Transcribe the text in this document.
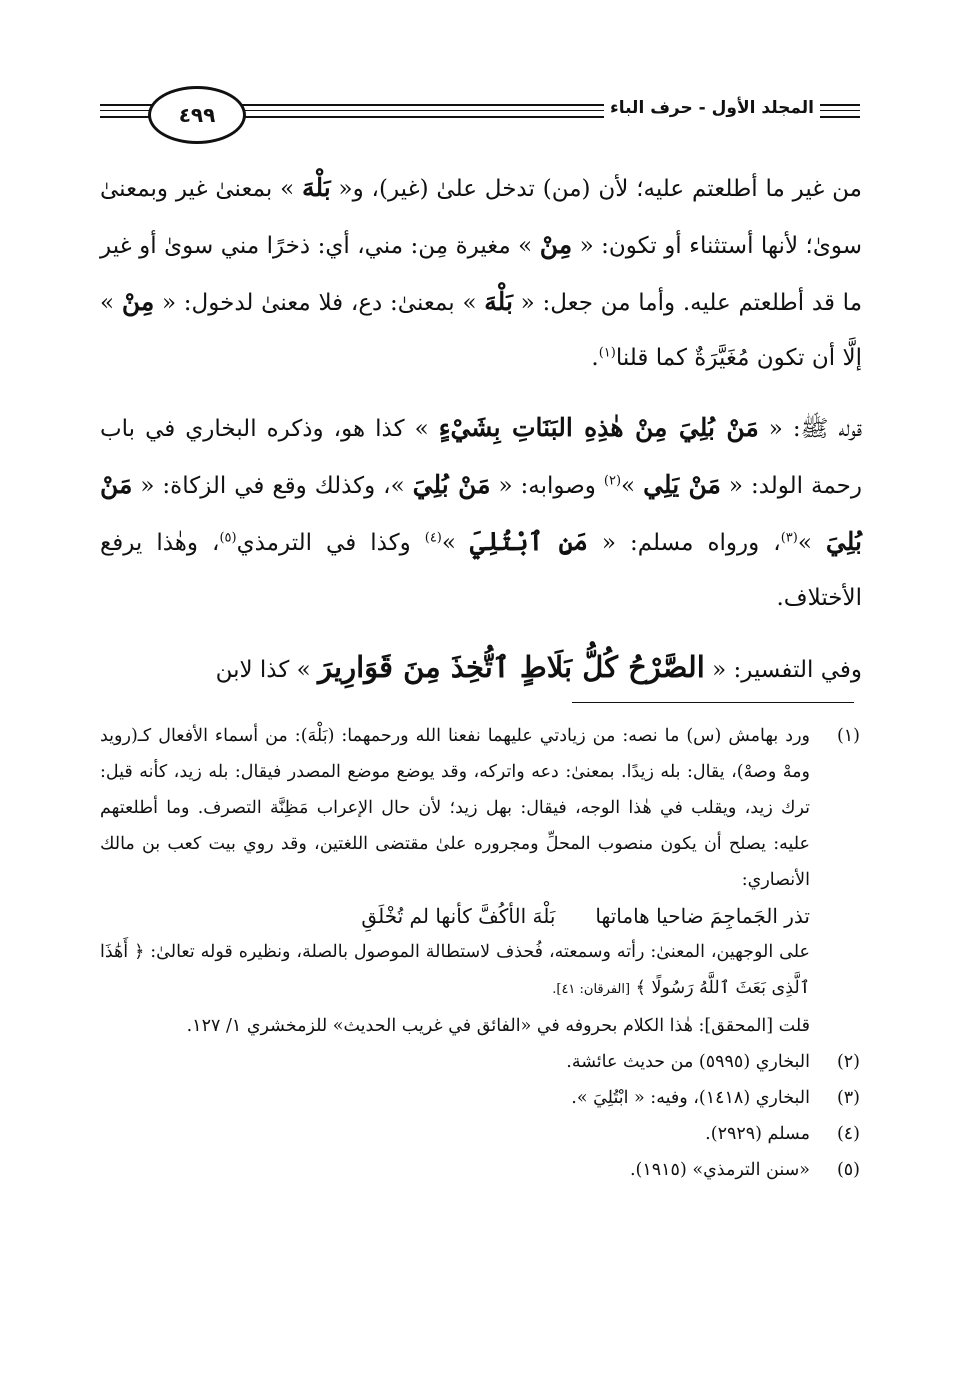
٤٩٩	المجلد الأول - حرف الباء

من غير ما أطلعتم عليه؛ لأن (من) تدخل علىٰ (غير)، و« بَلْهَ » بمعنىٰ غير وبمعنىٰ سوىٰ؛ لأنها أستثناء أو تكون: « مِنْ » مغيرة مِن: مني، أي: ذخرًا مني سوىٰ أو غير ما قد أطلعتم عليه. وأما من جعل: « بَلْهَ » بمعنىٰ: دع، فلا معنىٰ لدخول: « مِنْ » إلَّا أن تكون مُغَيَّرَةٌ كما قلنا$^{(١)}$.

قوله ﷺ: « مَنْ بُلِيَ مِنْ هٰذِهِ البَنَاتِ بِشَيْءٍ » كذا هو، وذكره البخاري في باب رحمة الولد: « مَنْ يَلِي »$^{(٢)}$ وصوابه: « مَنْ بُلِيَ »، وكذلك وقع في الزكاة: « مَنْ بُلِيَ »$^{(٣)}$، ورواه مسلم: « مَنِ ٱبْتُلِيَ »$^{(٤)}$ وكذا في الترمذي$^{(٥)}$، وهٰذا يرفع الأختلاف.

وفي التفسير: « الصَّرْحُ كُلُّ بَلَاطٍ ٱتُّخِذَ مِنَ قَوَارِيرَ » كذا لابن

(١)

ورد بهامش (س) ما نصه: من زيادتي عليهما نفعنا الله ورحمهما: (بَلْهَ): من أسماء الأفعال كـ(رويد ومهْ وصهْ)، يقال: بله زيدًا. بمعنىٰ: دعه واتركه، وقد يوضع موضع المصدر فيقال: بله زيد، كأنه قيل: ترك زيد، ويقلب في هٰذا الوجه، فيقال: بهل زيد؛ لأن حال الإعراب مَظِنَّة التصرف. وما أطلعتهم عليه: يصلح أن يكون منصوب المحلِّ ومجروره علىٰ مقتضى اللغتين، وقد روي بيت كعب بن مالك الأنصاري:

تذر الجَماجِمَ ضاحيا هاماتها
بَلْهَ الأكُفَّ كأنها لم تُخْلَقِ

على الوجهين، المعنىٰ: رأته وسمعته، فُحذف لاستطالة الموصول بالصلة، ونظيره قوله تعالىٰ: ﴿ أَهَٰذَا ٱلَّذِى بَعَثَ ٱللَّهُ رَسُولًا ﴾ [الفرقان: ٤١].

قلت [المحقق]: هٰذا الكلام بحروفه في «الفائق في غريب الحديث» للزمخشري ١/ ١٢٧.

(٢)

البخاري (٥٩٩٥) من حديث عائشة.

(٣)

البخاري (١٤١٨)، وفيه: « ابْتُلِيَ ».

(٤)

مسلم (٢٩٢٩).

(٥)

«سنن الترمذي» (١٩١٥).
